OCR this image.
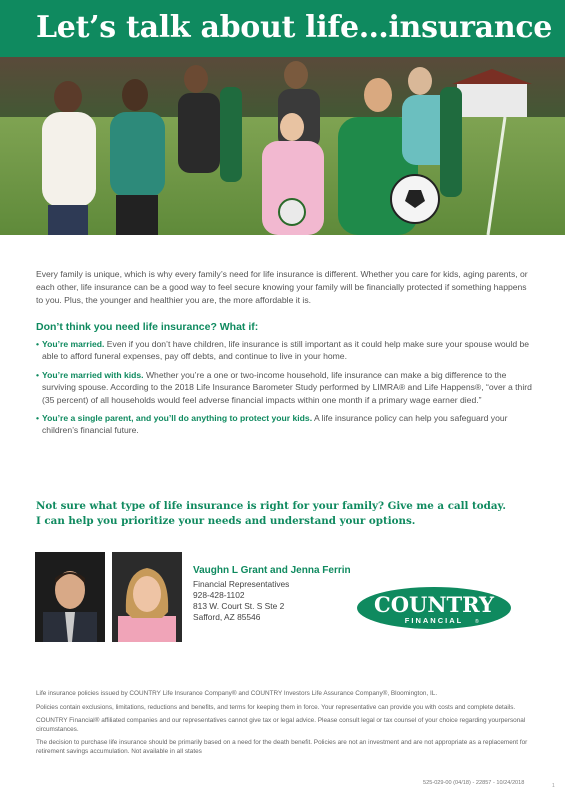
Let’s talk about life…insurance

Every family is unique, which is why every family’s need for life insurance is different. Whether you care for kids, aging parents, or each other, life insurance can be a good way to feel secure knowing your family will be financially protected if something happens to you. Plus, the younger and healthier you are, the more affordable it is.

Don’t think you need life insurance? What if:
• You’re married. Even if you don’t have children, life insurance is still important as it could help make sure your spouse would be able to afford funeral expenses, pay off debts, and continue to live in your home.
• You’re married with kids. Whether you’re a one or two-income household, life insurance can make a big difference to the surviving spouse. According to the 2018 Life Insurance Barometer Study performed by LIMRA® and Life Happens®, “over a third (35 percent) of all households would feel adverse financial impacts within one month if a primary wage earner died.”
• You’re a single parent, and you’ll do anything to protect your kids. A life insurance policy can help you safeguard your children’s financial future.
Not sure what type of life insurance is right for your family? Give me a call today.
I can help you prioritize your needs and understand your options.
Vaughn L Grant and Jenna Ferrin
Financial Representatives
928-428-1102
813 W. Court St. S Ste 2
Safford, AZ 85546	COUNTRY
FINANCIAL ®

Life insurance policies issued by COUNTRY Life Insurance Company® and COUNTRY Investors Life Assurance Company®, Bloomington, IL.

Policies contain exclusions, limitations, reductions and benefits, and terms for keeping them in force. Your representative can provide you with costs and complete details.

COUNTRY Financial® affiliated companies and our representatives cannot give tax or legal advice. Please consult legal or tax counsel of your choice regarding yourpersonal circumstances.

The decision to purchase life insurance should be primarily based on a need for the death benefit. Policies are not an investment and are not appropriate as a replacement for retirement savings accumulation. Not available in all states

525-029-00 (04/18) - 22857 - 10/24/2018	1
